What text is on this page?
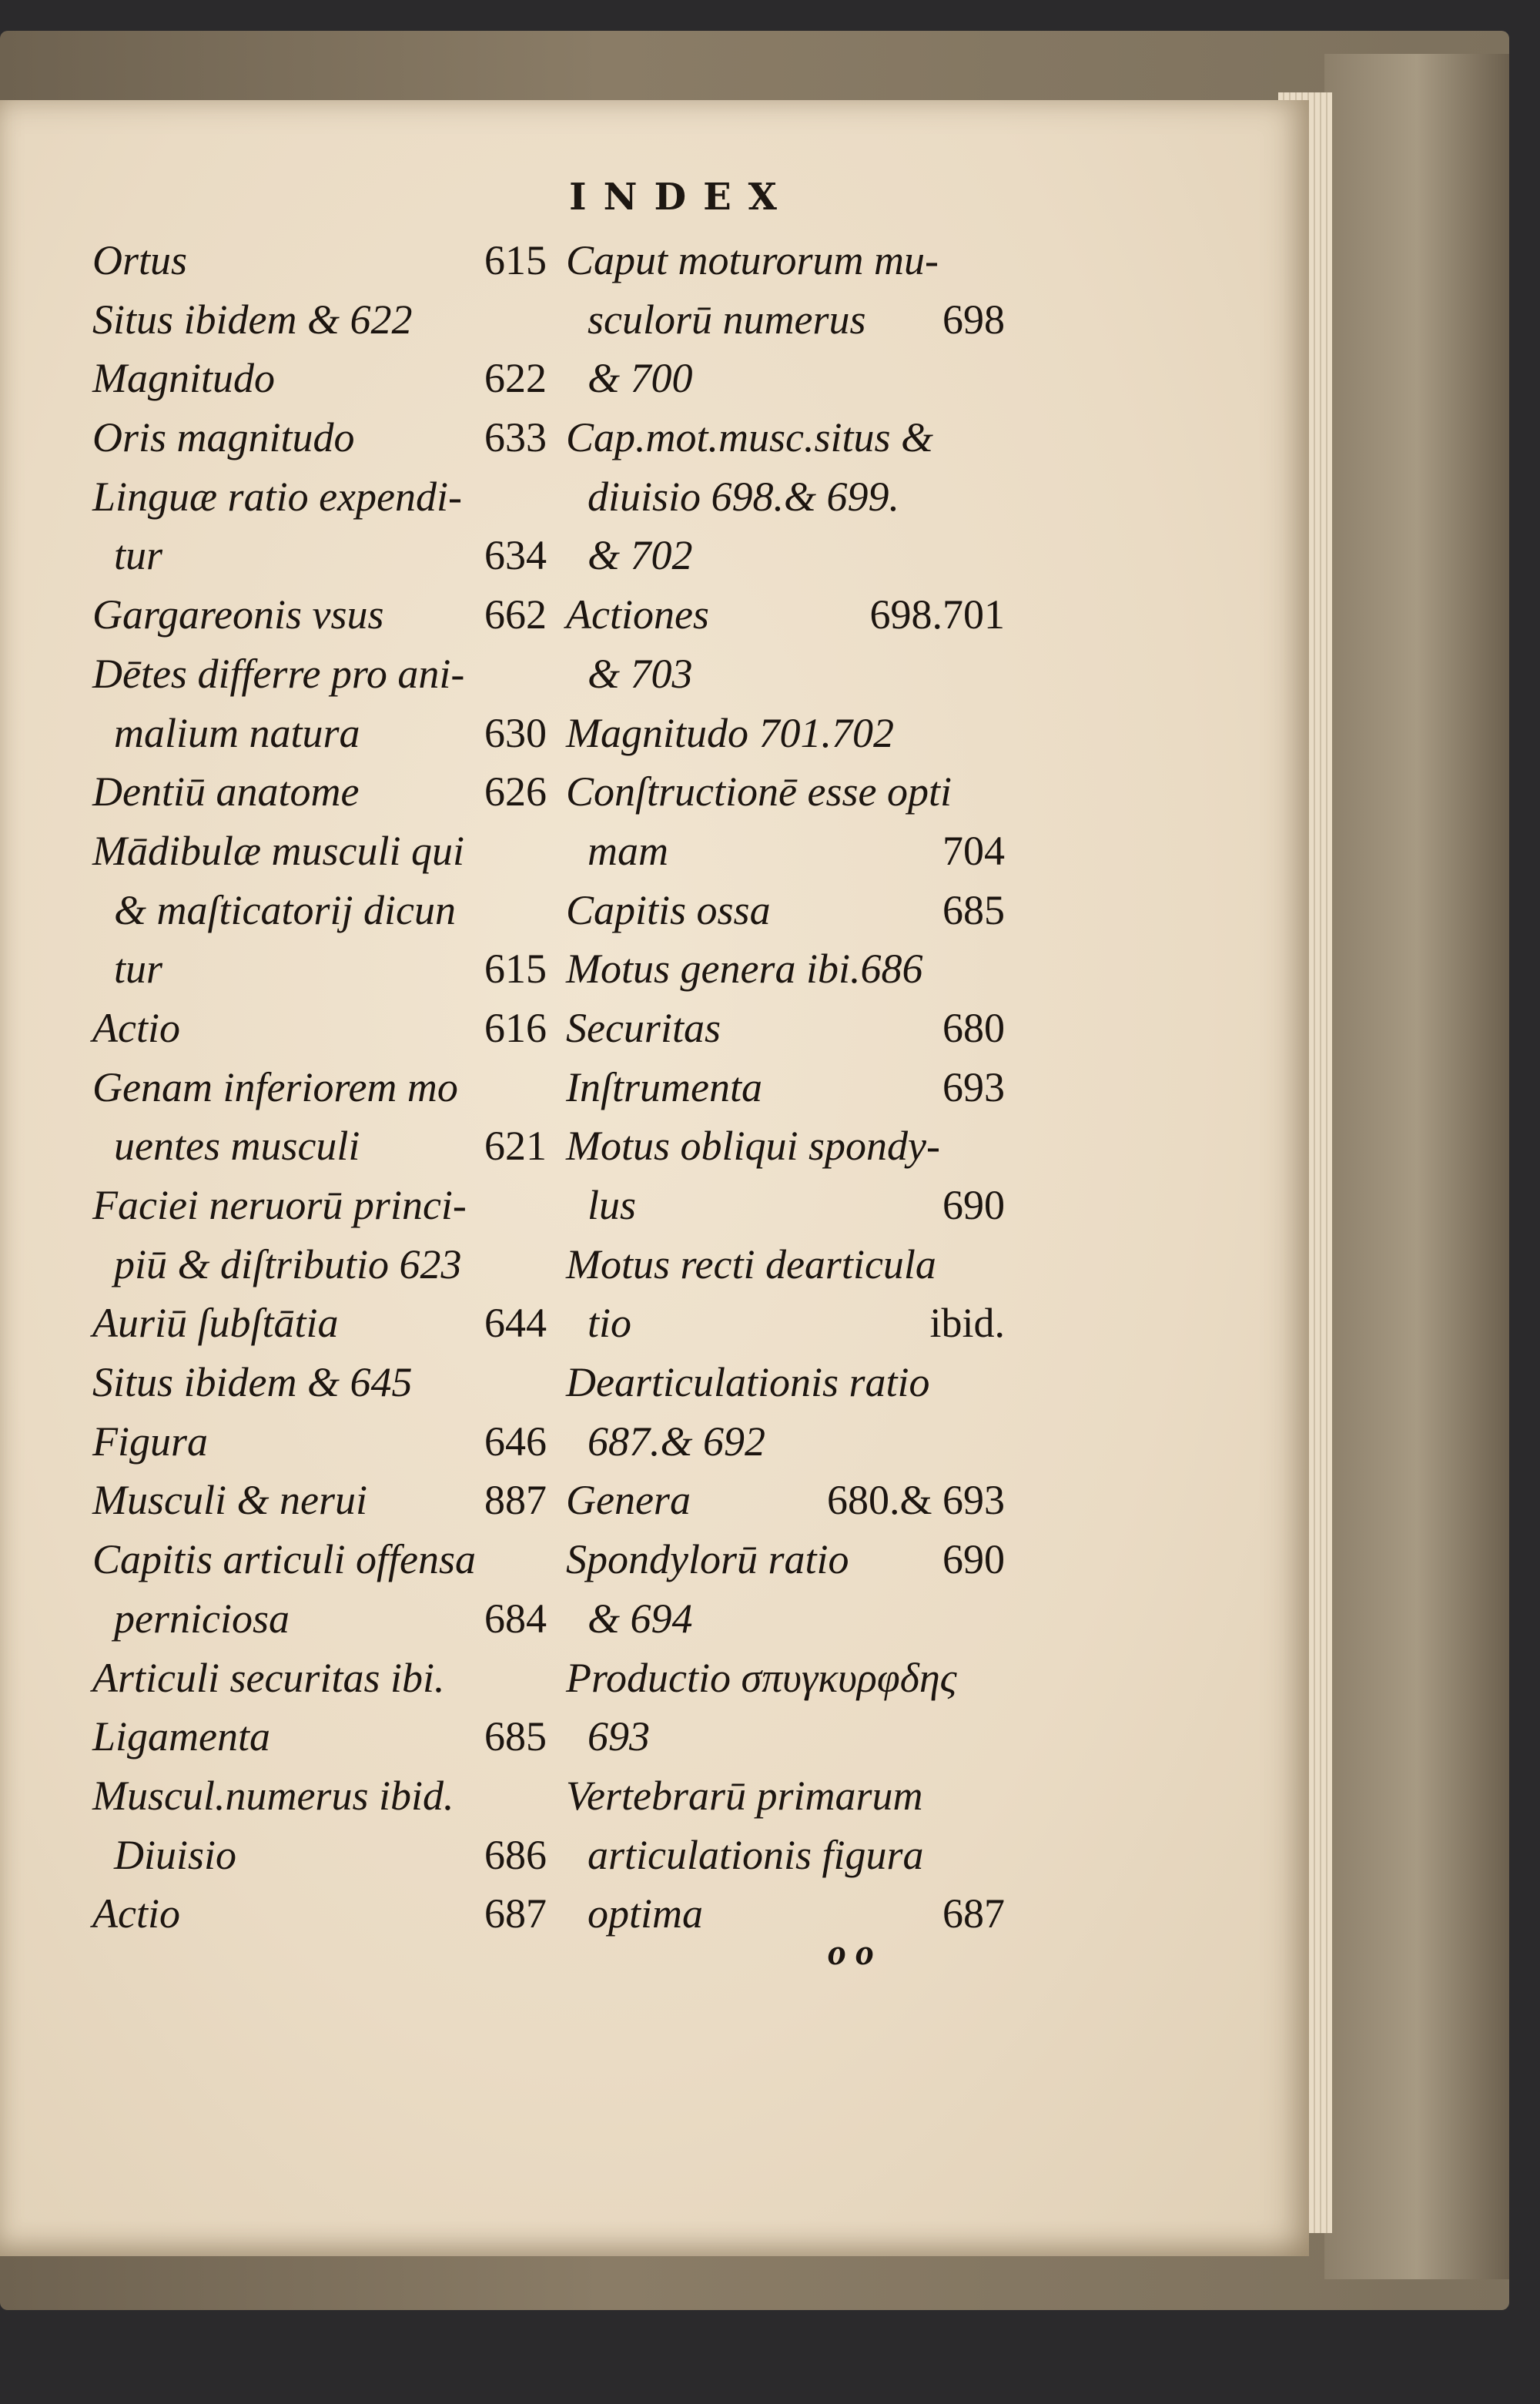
INDEX
Ortus	615
Situs ibidem & 622
Magnitudo	622
Oris magnitudo	633
Linguæ ratio expendi-
tur	634
Gargareonis vsus 662
Dētes differre pro ani-
malium natura	630
Dentiū anatome	626
Mādibulæ musculi qui
& maſticatorij dicun
tur	615
Actio	616
Genam inferiorem mo
uentes musculi	621
Faciei neruorū princi-
piū & diſtributio 623
Auriū ſubſtātia	644
Situs ibidem & 645
Figura	646
Musculi & nerui	887
Capitis articuli offensa
perniciosa	684
Articuli securitas ibi.
Ligamenta	685
Muscul.numerus ibid.
Diuisio	686
Actio	687
Caput moturorum mu-
sculorū numerus 698
& 700
Cap.mot.musc.situs &
diuisio 698.& 699.
& 702
Actiones	698.701
& 703
Magnitudo 701.702
Conſtructionē esse opti
mam	704
Capitis ossa	685
Motus genera ibi.686
Securitas	680
Inſtrumenta	693
Motus obliqui spondy-
lus	690
Motus recti dearticula
tio	ibid.
Dearticulationis ratio
687.& 692
Genera	680.& 693
Spondylorū ratio 690
& 694
Productio σπυγκυρφδης
693
Vertebrarū primarum
articulationis figura
optima	687
o o
